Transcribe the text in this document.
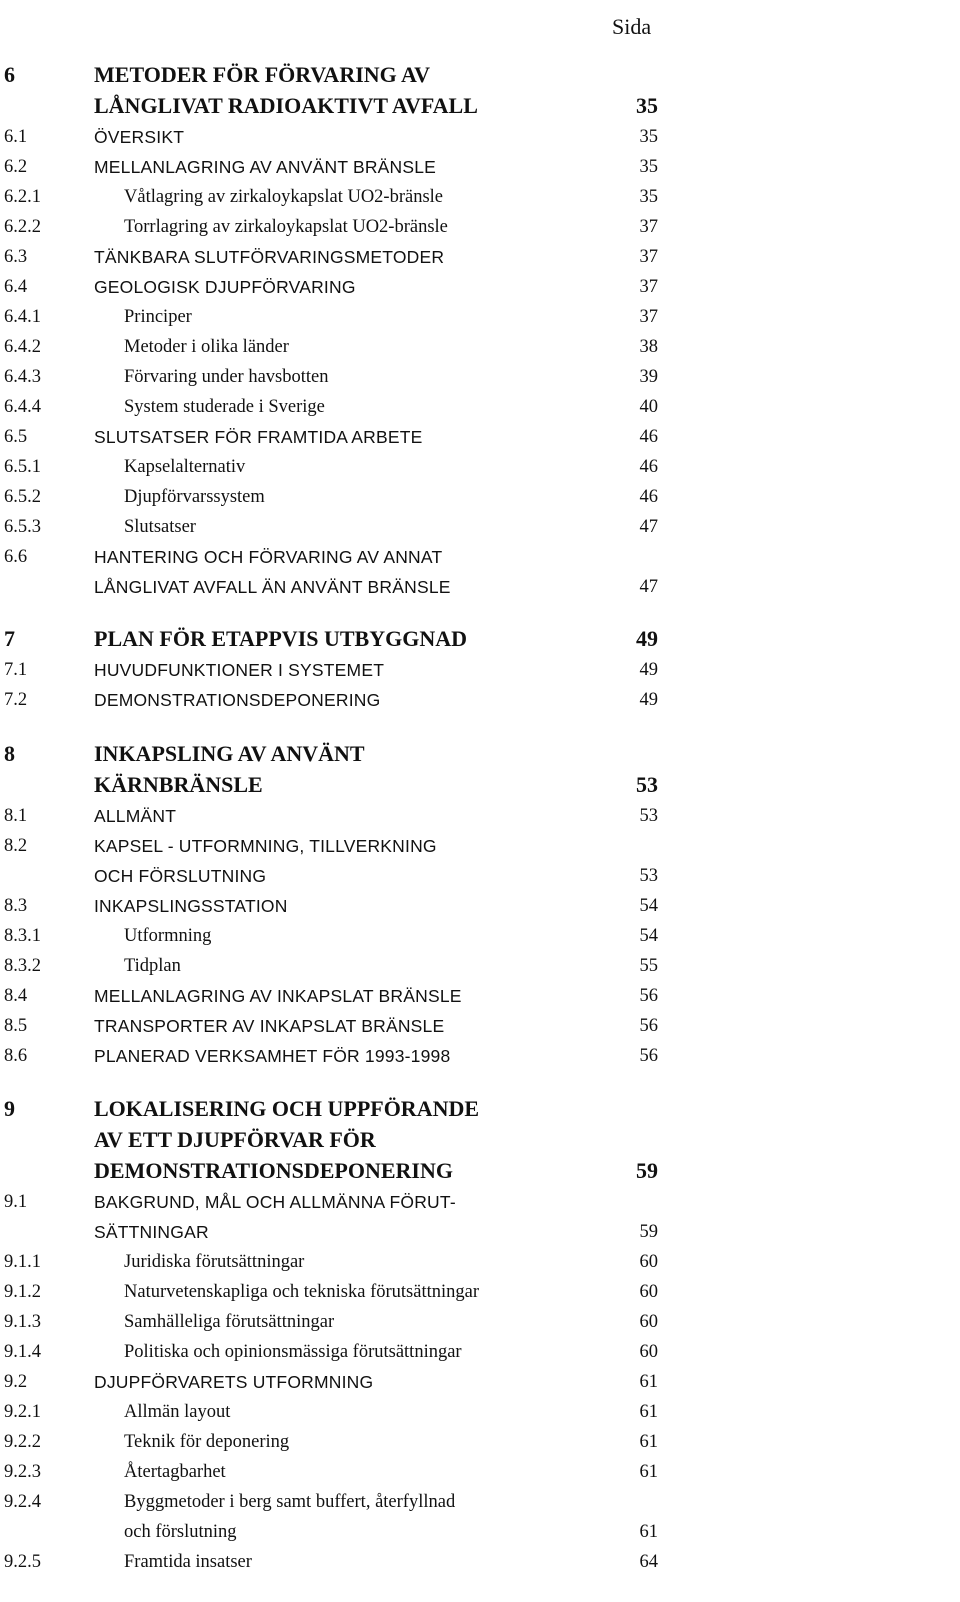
Sida
6	METODER FÖR FÖRVARING AV
LÅNGLIVAT RADIOAKTIVT AVFALL	35
6.1	ÖVERSIKT	35
6.2	MELLANLAGRING AV ANVÄNT BRÄNSLE	35
6.2.1	Våtlagring av zirkaloykapslat UO2-bränsle	35
6.2.2	Torrlagring av zirkaloykapslat UO2-bränsle	37
6.3	TÄNKBARA SLUTFÖRVARINGSMETODER	37
6.4	GEOLOGISK DJUPFÖRVARING	37
6.4.1	Principer	37
6.4.2	Metoder i olika länder	38
6.4.3	Förvaring under havsbotten	39
6.4.4	System studerade i Sverige	40
6.5	SLUTSATSER FÖR FRAMTIDA ARBETE	46
6.5.1	Kapselalternativ	46
6.5.2	Djupförvarssystem	46
6.5.3	Slutsatser	47
6.6	HANTERING OCH FÖRVARING AV ANNAT
LÅNGLIVAT AVFALL ÄN ANVÄNT BRÄNSLE	47
7	PLAN FÖR ETAPPVIS UTBYGGNAD	49
7.1	HUVUDFUNKTIONER I SYSTEMET	49
7.2	DEMONSTRATIONSDEPONERING	49
8	INKAPSLING AV ANVÄNT
KÄRNBRÄNSLE	53
8.1	ALLMÄNT	53
8.2	KAPSEL - UTFORMNING, TILLVERKNING
OCH FÖRSLUTNING	53
8.3	INKAPSLINGSSTATION	54
8.3.1	Utformning	54
8.3.2	Tidplan	55
8.4	MELLANLAGRING AV INKAPSLAT BRÄNSLE	56
8.5	TRANSPORTER AV INKAPSLAT BRÄNSLE	56
8.6	PLANERAD VERKSAMHET FÖR 1993-1998	56
9	LOKALISERING OCH UPPFÖRANDE
AV ETT DJUPFÖRVAR FÖR
DEMONSTRATIONSDEPONERING	59
9.1	BAKGRUND, MÅL OCH ALLMÄNNA FÖRUT-
SÄTTNINGAR	59
9.1.1	Juridiska förutsättningar	60
9.1.2	Naturvetenskapliga och tekniska förutsättningar	60
9.1.3	Samhälleliga förutsättningar	60
9.1.4	Politiska och opinionsmässiga förutsättningar	60
9.2	DJUPFÖRVARETS UTFORMNING	61
9.2.1	Allmän layout	61
9.2.2	Teknik för deponering	61
9.2.3	Återtagbarhet	61
9.2.4	Byggmetoder i berg samt buffert, återfyllnad
och förslutning	61
9.2.5	Framtida insatser	64
